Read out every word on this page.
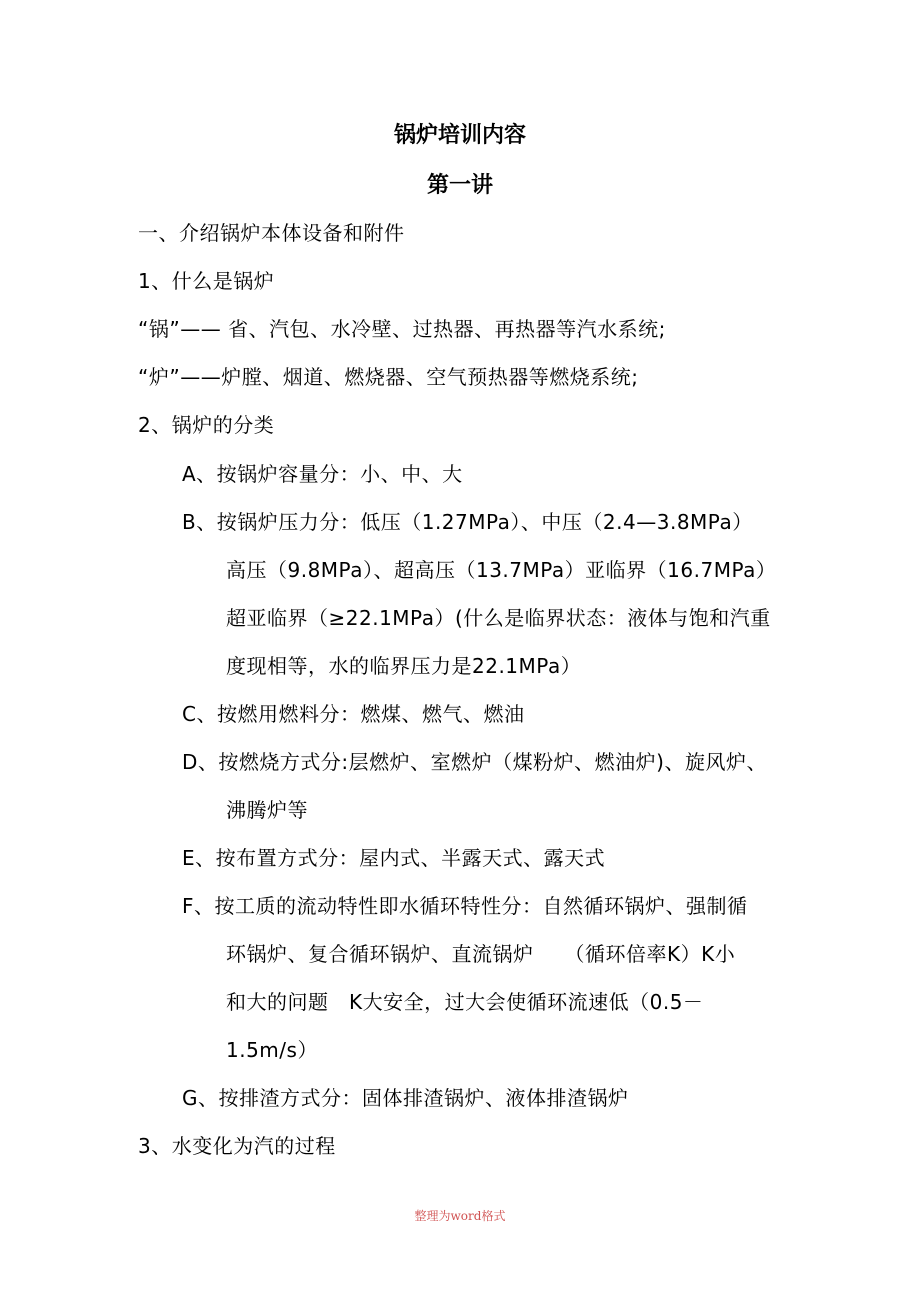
锅炉培训内容
第一讲
一、介绍锅炉本体设备和附件
1、什么是锅炉
“锅”—— 省、汽包、水冷壁、过热器、再热器等汽水系统;
“炉”——炉膛、烟道、燃烧器、空气预热器等燃烧系统;
2、锅炉的分类
A、按锅炉容量分：小、中、大
B、按锅炉压力分：低压（1.27MPa）、中压（2.4—3.8MPa）
高压（9.8MPa）、超高压（13.7MPa）亚临界（16.7MPa）
超亚临界（≥22.1MPa）(什么是临界状态：液体与饱和汽重
度现相等，水的临界压力是22.1MPa）
C、按燃用燃料分：燃煤、燃气、燃油
D、按燃烧方式分:层燃炉、室燃炉（煤粉炉、燃油炉)、旋风炉、
沸腾炉等
E、按布置方式分：屋内式、半露天式、露天式
F、按工质的流动特性即水循环特性分：自然循环锅炉、强制循
环锅炉、复合循环锅炉、直流锅炉　　（循环倍率K）K小
和大的问题　K大安全，过大会使循环流速低（0.5－
1.5m/s）
G、按排渣方式分：固体排渣锅炉、液体排渣锅炉
3、水变化为汽的过程
整理为word格式
